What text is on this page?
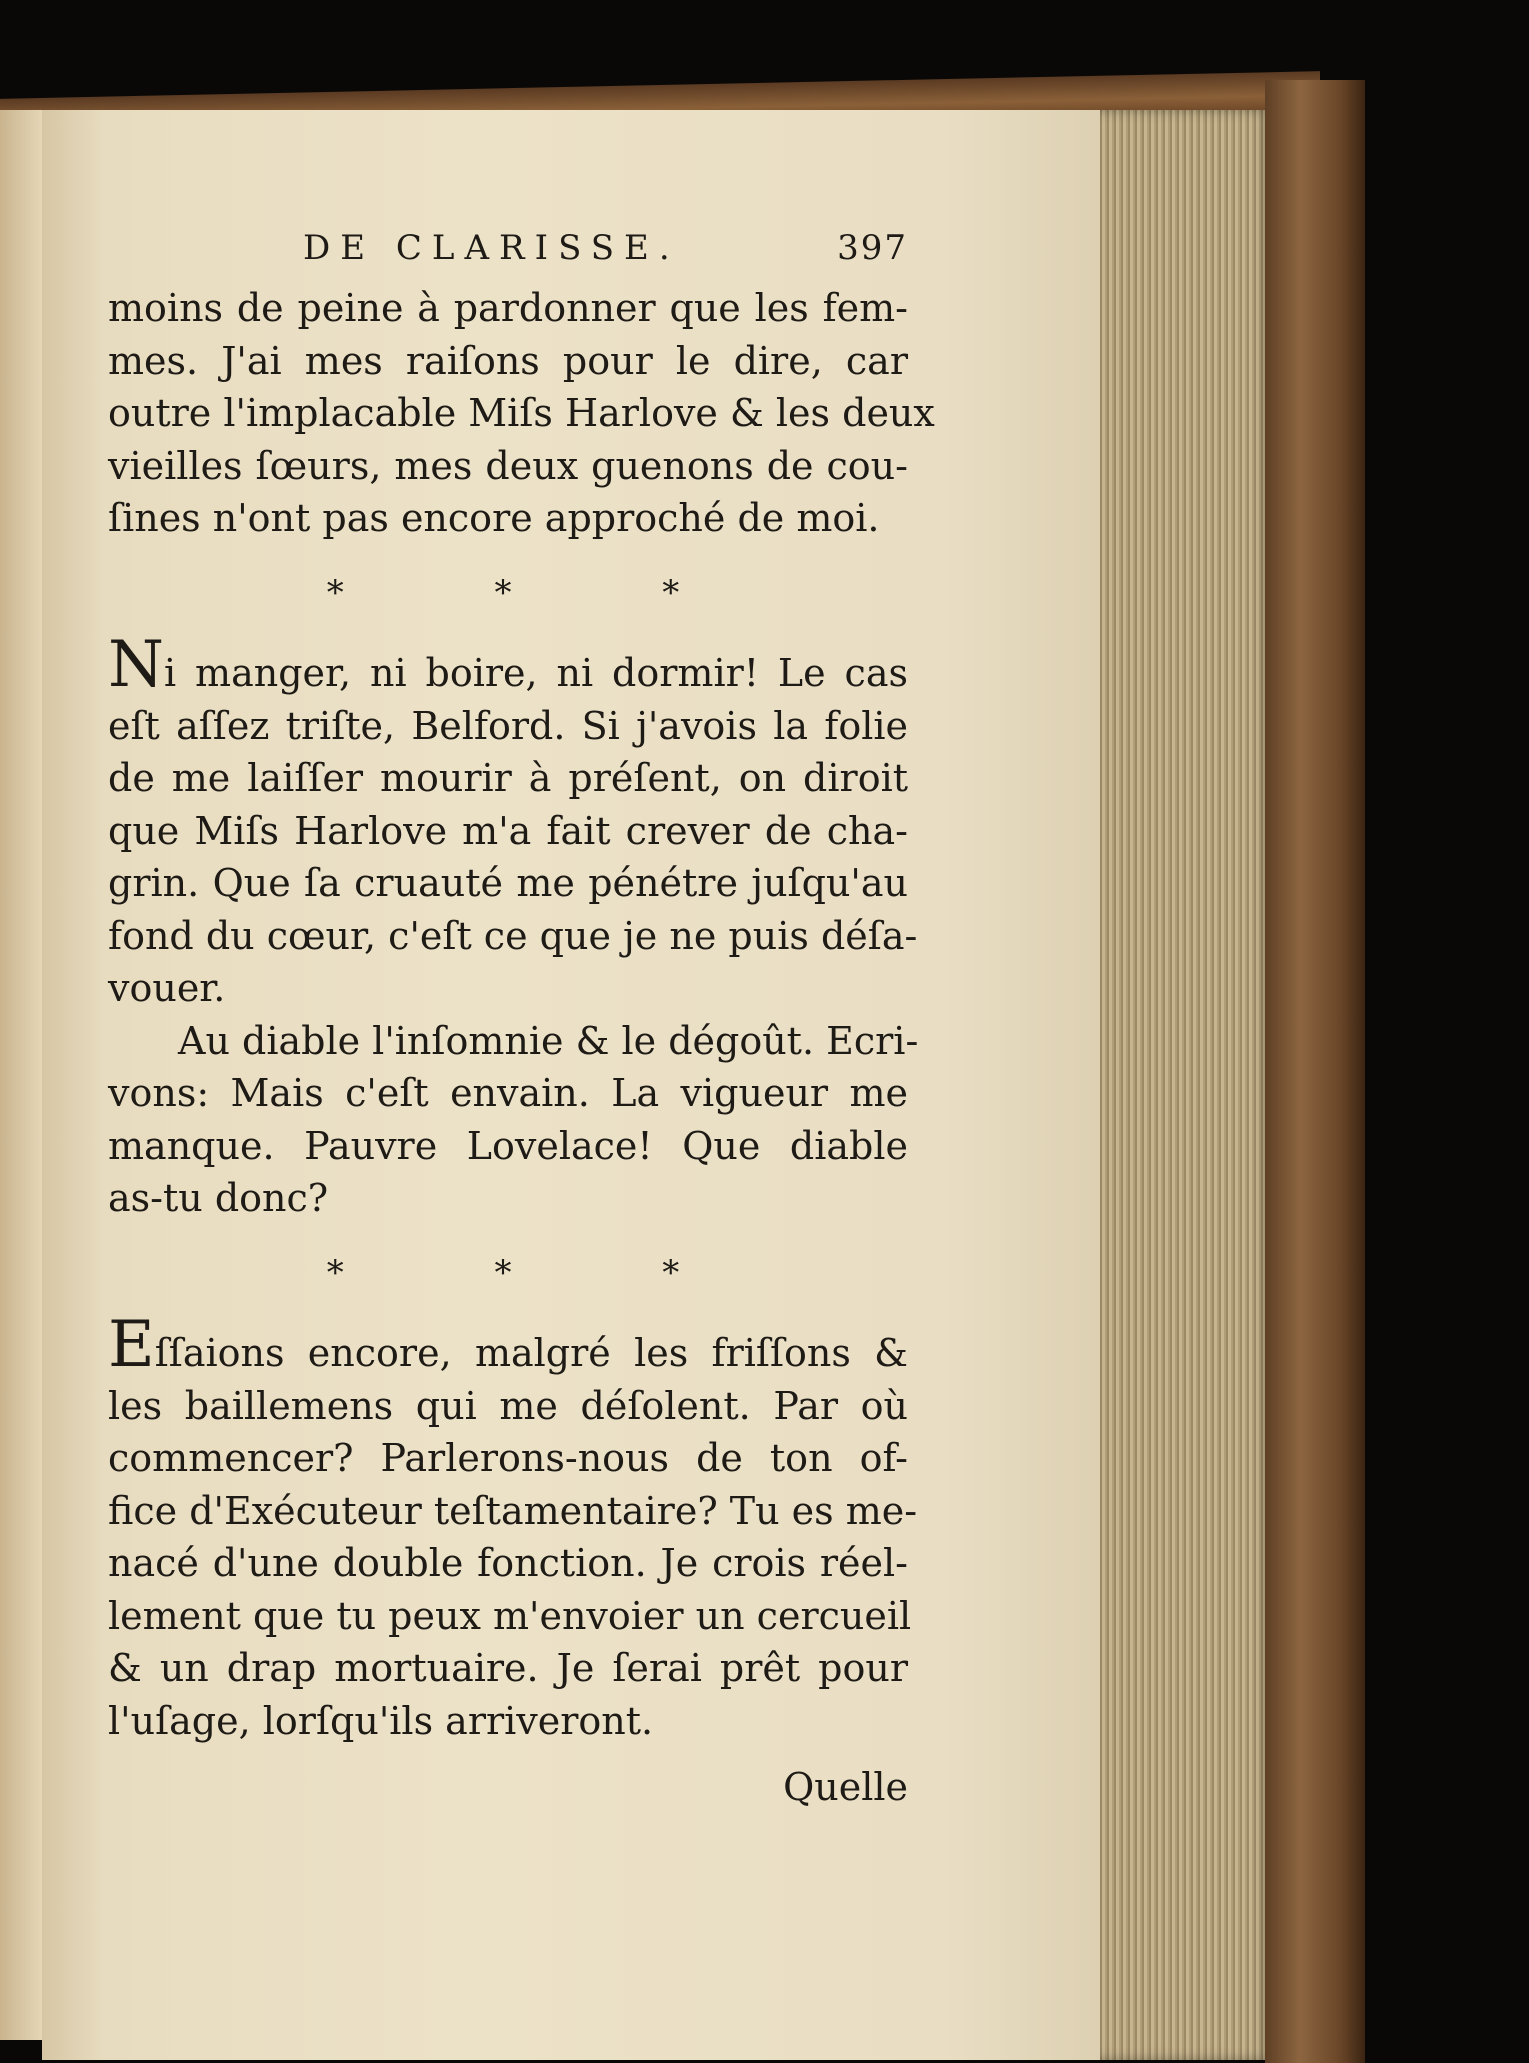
DE CLARISSE.	397
moins de peine à pardonner que les fem-
mes. J'ai mes raiſons pour le dire, car
outre l'implacable Miſs Harlove & les deux
vieilles ſœurs, mes deux guenons de cou-
ſines n'ont pas encore approché de moi.
* * *
Ni manger, ni boire, ni dormir! Le cas
eſt aſſez triſte, Belford. Si j'avois la folie
de me laiſſer mourir à préſent, on diroit
que Miſs Harlove m'a fait crever de cha-
grin. Que ſa cruauté me pénétre juſqu'au
fond du cœur, c'eſt ce que je ne puis déſa-
vouer.
Au diable l'inſomnie & le dégoût. Ecri-
vons: Mais c'eſt envain. La vigueur me
manque. Pauvre Lovelace! Que diable
as-tu donc?
* * *
Eſſaions encore, malgré les friſſons &
les baillemens qui me déſolent. Par où
commencer? Parlerons-nous de ton of-
fice d'Exécuteur teſtamentaire? Tu es me-
nacé d'une double fonction. Je crois réel-
lement que tu peux m'envoier un cercueil
& un drap mortuaire. Je ſerai prêt pour
l'uſage, lorſqu'ils arriveront.
Quelle
